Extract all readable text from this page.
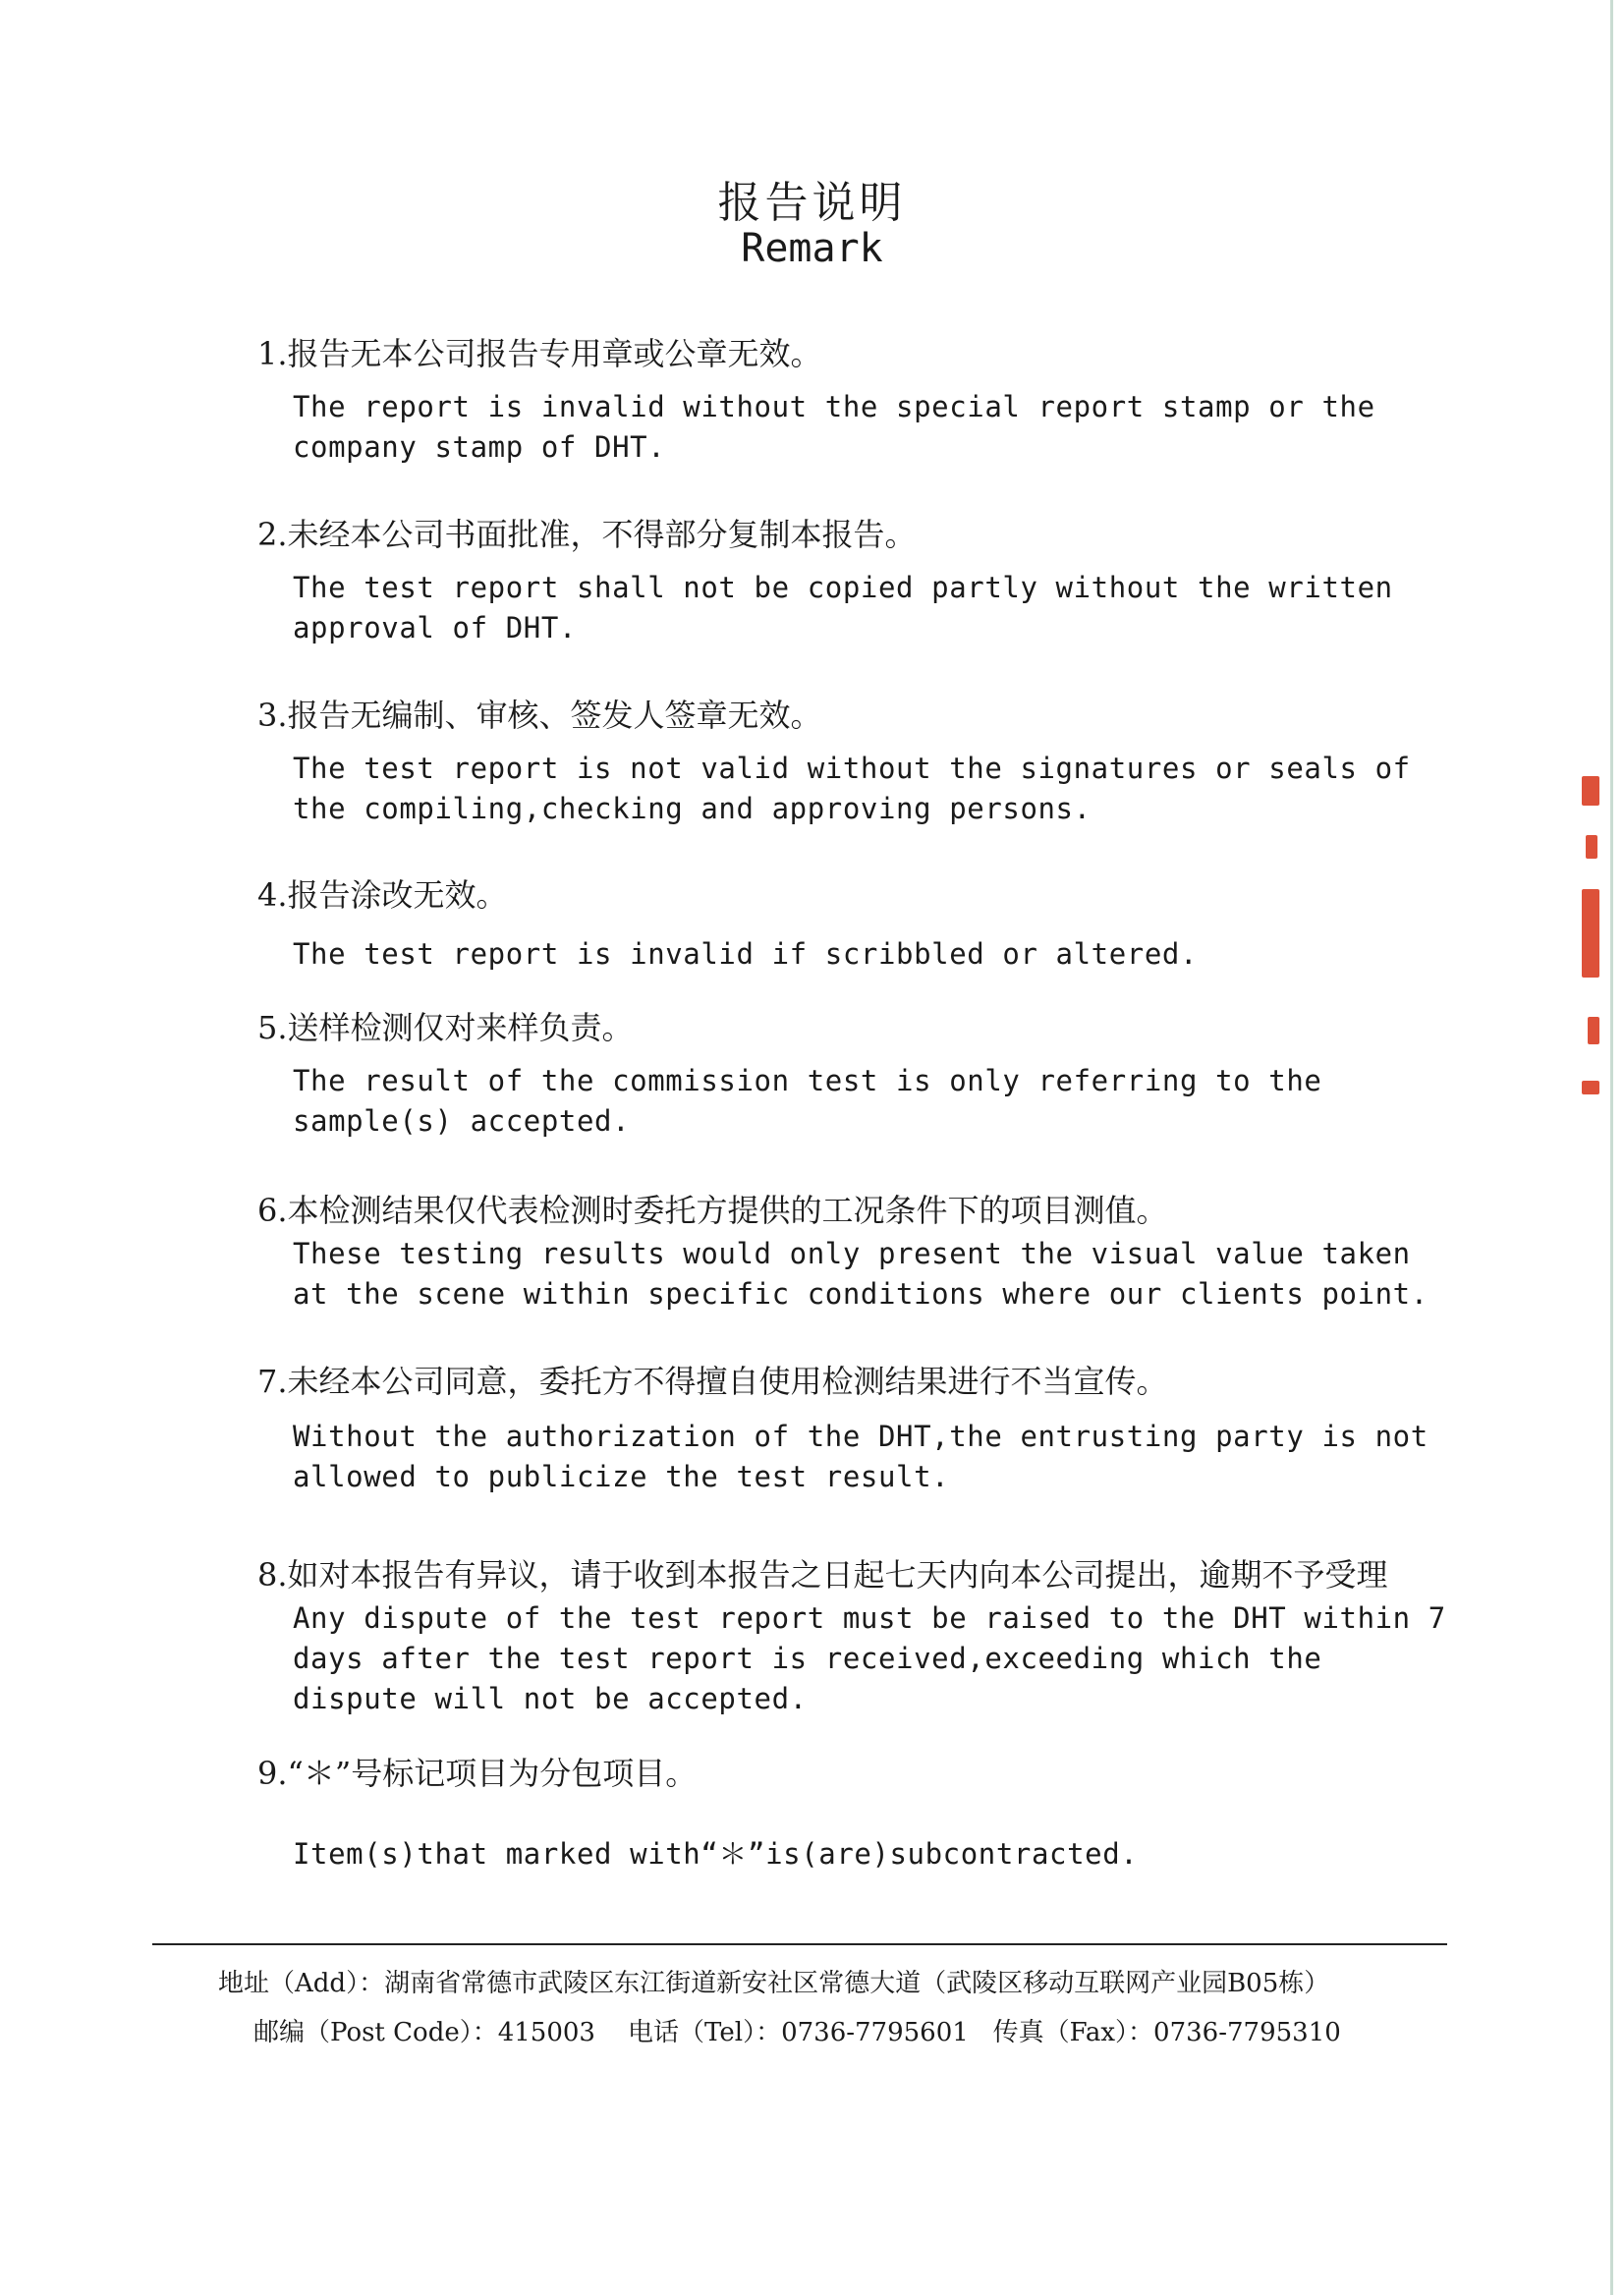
报告说明
Remark
1.报告无本公司报告专用章或公章无效。
The report is invalid without the special report stamp or the company stamp of DHT.
2.未经本公司书面批准，不得部分复制本报告。
The test report shall not be copied partly without the written approval of DHT.
3.报告无编制、审核、签发人签章无效。
The test report is not valid without the signatures or seals of the compiling,checking and approving persons.
4.报告涂改无效。
The test report is invalid if scribbled or altered.
5.送样检测仅对来样负责。
The result of the commission test is only referring to the sample(s) accepted.
6.本检测结果仅代表检测时委托方提供的工况条件下的项目测值。
These testing results would only present the visual value taken at the scene within specific conditions where our clients point.
7.未经本公司同意，委托方不得擅自使用检测结果进行不当宣传。
Without the authorization of the DHT,the entrusting party is not allowed to publicize the test result.
8.如对本报告有异议，请于收到本报告之日起七天内向本公司提出，逾期不予受理
Any dispute of the test report must be raised to the DHT within 7 days after the test report is received,exceeding which the dispute will not be accepted.
9.“＊”号标记项目为分包项目。
Item(s)that marked with“＊”is(are)subcontracted.
地址（Add）：湖南省常德市武陵区东江街道新安社区常德大道（武陵区移动互联网产业园B05栋）
邮编（Post Code）：415003    电话（Tel）：0736-7795601   传真（Fax）：0736-7795310
